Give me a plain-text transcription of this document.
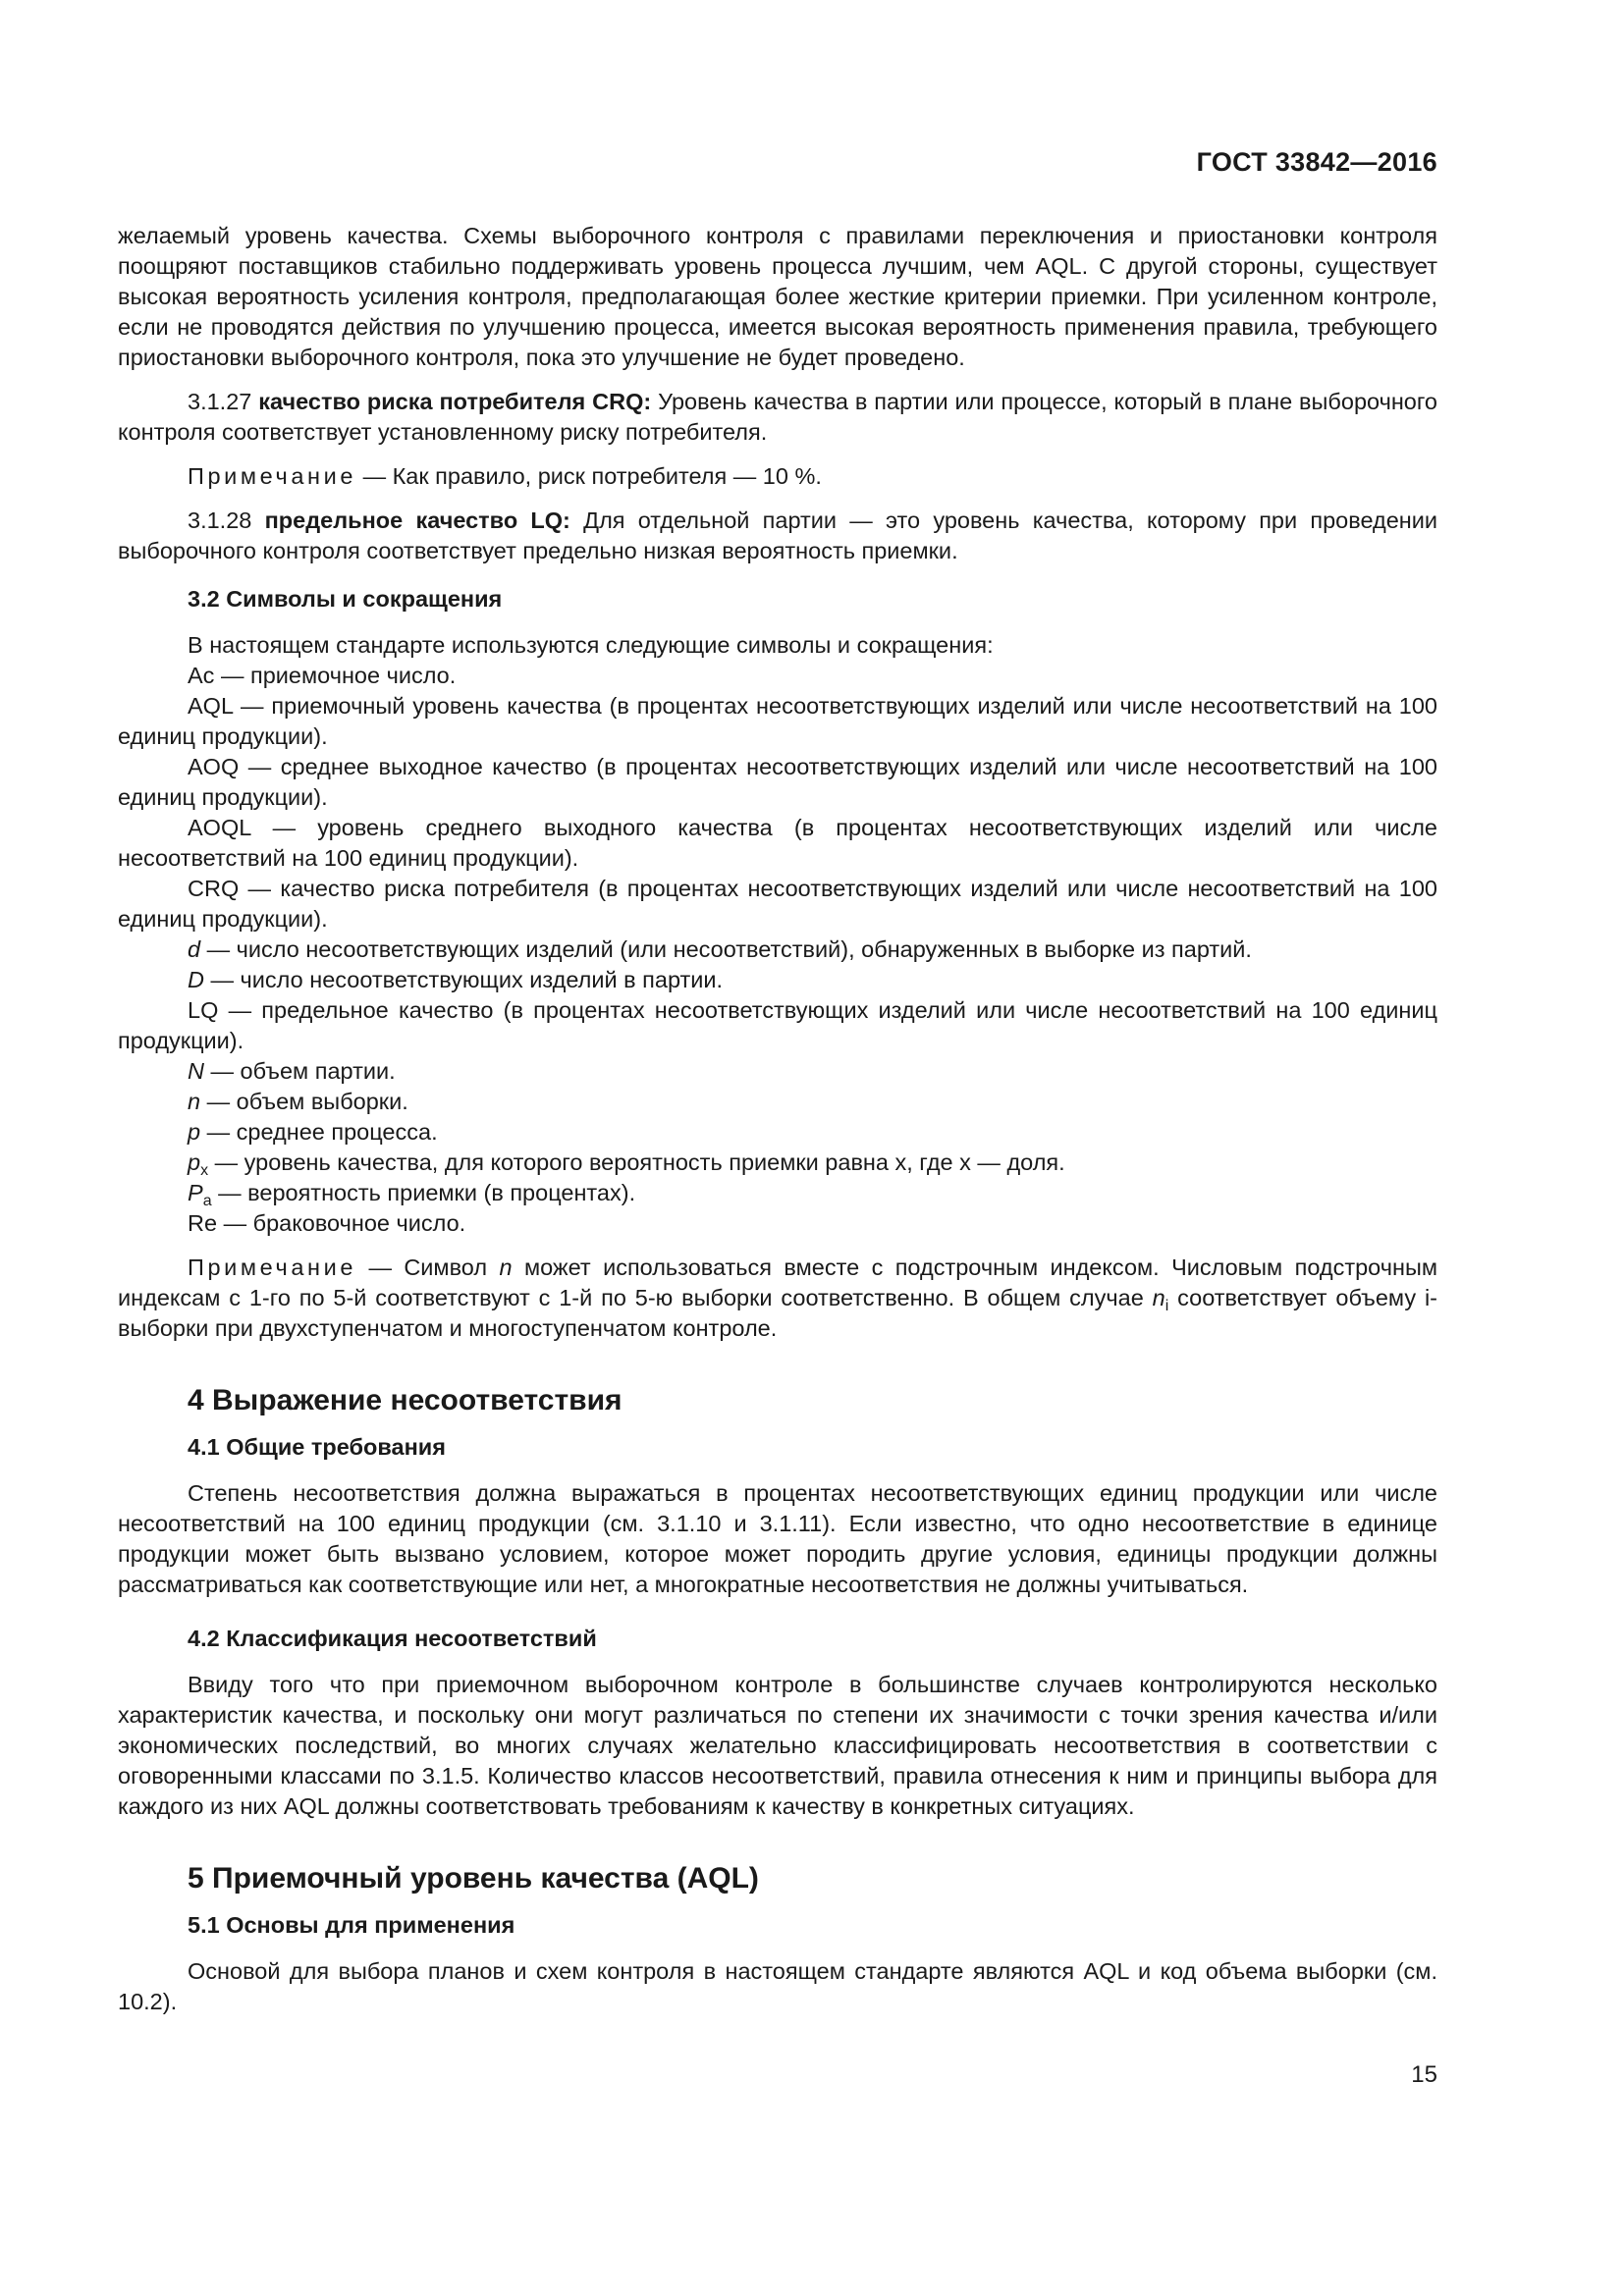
ГОСТ 33842—2016

желаемый уровень качества. Схемы выборочного контроля с правилами переключения и приостановки контроля поощряют поставщиков стабильно поддерживать уровень процесса лучшим, чем AQL. С другой стороны, существует высокая вероятность усиления контроля, предполагающая более жесткие критерии приемки. При усиленном контроле, если не проводятся действия по улучшению процесса, имеется высокая вероятность применения правила, требующего приостановки выборочного контроля, пока это улучшение не будет проведено.

3.1.27 качество риска потребителя CRQ: Уровень качества в партии или процессе, который в плане выборочного контроля соответствует установленному риску потребителя.

Примечание — Как правило, риск потребителя — 10 %.

3.1.28 предельное качество LQ: Для отдельной партии — это уровень качества, которому при проведении выборочного контроля соответствует предельно низкая вероятность приемки.

3.2 Символы и сокращения

В настоящем стандарте используются следующие символы и сокращения:

Ac — приемочное число.

AQL — приемочный уровень качества (в процентах несоответствующих изделий или числе несоответствий на 100 единиц продукции).

AOQ — среднее выходное качество (в процентах несоответствующих изделий или числе несоответствий на 100 единиц продукции).

AOQL — уровень среднего выходного качества (в процентах несоответствующих изделий или числе несоответствий на 100 единиц продукции).

CRQ — качество риска потребителя (в процентах несоответствующих изделий или числе несоответствий на 100 единиц продукции).

d — число несоответствующих изделий (или несоответствий), обнаруженных в выборке из партий.

D — число несоответствующих изделий в партии.

LQ — предельное качество (в процентах несоответствующих изделий или числе несоответствий на 100 единиц продукции).

N — объем партии.

n — объем выборки.

p — среднее процесса.

$p_x$ — уровень качества, для которого вероятность приемки равна x, где x — доля.

$P_a$ — вероятность приемки (в процентах).

Re — браковочное число.

Примечание — Символ n может использоваться вместе с подстрочным индексом. Числовым подстрочным индексам с 1-го по 5-й соответствуют с 1-й по 5-ю выборки соответственно. В общем случае $n_i$ соответствует объему i-выборки при двухступенчатом и многоступенчатом контроле.

4 Выражение несоответствия
4.1 Общие требования

Степень несоответствия должна выражаться в процентах несоответствующих единиц продукции или числе несоответствий на 100 единиц продукции (см. 3.1.10 и 3.1.11). Если известно, что одно несоответствие в единице продукции может быть вызвано условием, которое может породить другие условия, единицы продукции должны рассматриваться как соответствующие или нет, а многократные несоответствия не должны учитываться.

4.2 Классификация несоответствий

Ввиду того что при приемочном выборочном контроле в большинстве случаев контролируются несколько характеристик качества, и поскольку они могут различаться по степени их значимости с точки зрения качества и/или экономических последствий, во многих случаях желательно классифицировать несоответствия в соответствии с оговоренными классами по 3.1.5. Количество классов несоответствий, правила отнесения к ним и принципы выбора для каждого из них AQL должны соответствовать требованиям к качеству в конкретных ситуациях.

5 Приемочный уровень качества (AQL)
5.1 Основы для применения

Основой для выбора планов и схем контроля в настоящем стандарте являются AQL и код объема выборки (см. 10.2).

15
